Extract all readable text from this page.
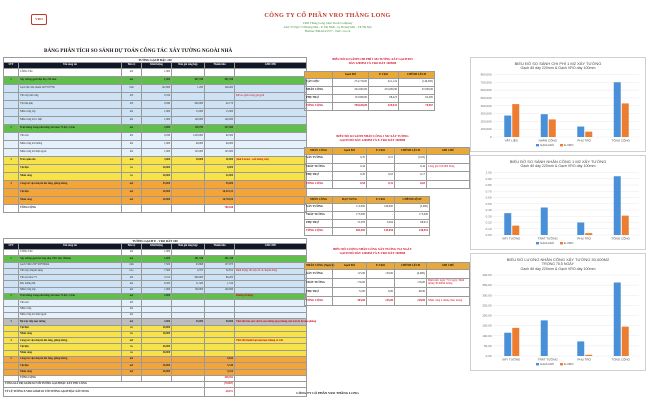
VRO	CÔNG TY CỔ PHẦN VRO THĂNG LONG
VRO Thang Long Joint Stock Company
Add: 35 Ngõ 73 Hoàng Mai - P. Thị Nhất - Q. Hoàng Mai - TP. Hà Nội
Hotline: 0964.04.5577 - Web: vro.vn
BẢNG PHÂN TÍCH SO SÁNH DỰ TOÁN CÔNG TÁC XÂY TƯỜNG NGOÀI NHÀ
TƯỜNG GẠCH ĐẶC 220						
STT	Tên công tác	Đơn vị	Khối lượng	Đơn giá tổng hợp	Thành tiền	GHI CHÚ
	CÔNG TÁC	m2	1,000			
1	Xây tường gạch đặc dày 220 mm	m2	1,000	907,358	907,358	
	Gạch đặc tiêu chuẩn 220*105*60	viên	122,000	1,200	146,400	
	Vữa xây thủ công	m3	0,310			Đã bao gồm trong giá gạch
	Vật liệu phụ	m3	0,040	900,000	42,170	
	Nhân công xây	m2	1,000	15,000	15,000	
	Nhân công trát 1 mặt	m2	1,000	140,000	140,000	
2	Trát tường trong nhà bằng vữa mác 75 dày 1,5cm	m2	2,000	118,790	237,580	
	Vữa trát	m3	0,030	1,250,000	62,500	
	Nhân công trát tường	m2	1,000	49,000	49,000	
	Nhân công trát mặt ngoài	m2	1,000	125,000	125,000	
3	Trát cạnh cửa	md	3,000	10,000	30,000	(tính 8 m/m2 - mở tường cửa)
	Vật liệu	m	20,000		8,000	
	Nhân công	m	20,000		22,000	
4	Công tác vận chuyển lên tầng, giằng tường	m3	55,000		55,000	
	Vật liệu	m3	40,000		26,525,25	
	Nhân công	m3	40,000		26,784,00	
	TỔNG CỘNG				700,638	
TƯỜNG GẠCH E - VRO DÀY 100						
STT	Tên công tác	Đơn vị	Khối lượng	Đơn giá tổng hợp	Thành tiền	GHI CHÚ
	CÔNG TÁC	m2	1,000			
1	Xây tường gạch bê tông nhẹ VRO dày 100mm	m2	1,000	301,338	301,338	
	Gạch VRO 250*100*60mm	viên	7,500	43,898	137,673	
	Vữa xây chuyên dụng	bao	7,500	4,375	32,812	Định lượng vữa xây tất cả chuyên dùng
	Vữa trát mác 75	m3	2,512	900,000	66,200	
	Bảo dưỡng hắt	m2	6,500	11,500	1,310	
	Nhân công xây	m2	1,000	130,000	140,000	
2	Trát tường trong nhà bằng vữa mác 75 dày 1,5cm	m2	2,000			Không sử dụng
	Vữa trát	m3				
	Nhân công	m2				
	Nhân công trát mặt ngoài	m2				
3	Bả trực tiếp mặt tường	m2	2,000	25,000	50,000	Thời tiết bảo sơn với bả sau tường ngay không cần trát do bề mặt phẳng
	Vật liệu	m	20,000			
	Nhân công	m	20,000			
4	Công tác vận chuyển lên tầng, giằng tường	m3				Thời tiết thành bại mặt hoặc không có trát
	Vật liệu	m	40,000			
	Nhân công	m	40,000			
5	Công tác vận chuyển lên tầng, giằng tường	m3			9,654	
	Vật liệu	m3	40,000		5,340	
	Nhân công	m3	40,000		4,314	
	TỔNG CỘNG				429,941	
TỔNG GIÁ TRỊ GIẢM SO VỚI TƯỜNG GẠCH ĐẶC XÂY THỦ CÔNG					(70,697)	
TỶ LỆ TƯỜNG E-VRO GIẢM SO VỚI TƯỜNG GẠCH ĐẶC XÂY NUNG					-10,0%	
BIỂU ĐỒ SO SÁNH CHI PHÍ 1 M2 TƯỜNG XÂY GẠCH ĐỎ
DÀY 220MM VÀ VRO DÀY 100MM
	Gạch ĐỎ	E-VRO	CHÊNH LỆCH
VẬT LIỆU	274,718,00	421,124	(146,050)
NHÂN CÔNG	292,000,00	225,000,00	67,000,00
PHỤ TRỢ	133,908,00	68,423	65,485
TỔNG CỘNG	700,638,00	429,941	70,967
BIỂU ĐỒ SO SÁNH NHÂN CÔNG 1 M2 XÂY TƯỜNG
GẠCH ĐỎ DÀY 220MM VÀ E-VRO DÀY 100MM
NHÂN CÔNG	Gạch ĐỎ	E-VRO	CHÊNH LỆCH	GHI CHÚ
XÂY TƯỜNG	0,35	0,15	(0,03)	
TRÁT TƯỜNG	0,44		0,44	Công giờ 100.000 đồng
PHỤ TRỢ	0,20	0,03	0,17	
TỔNG CỘNG	0,94	0,31	0,63	
NHÂN CÔNG	ĐẠT NUNG	E-VRO	CHÊNH LỆCH
XÂY TƯỜNG	115,000	140,000	(5,000)
TRÁT TƯỜNG	175,000	-	175,000
PHỤ TRỢ	72,583	5,094	68,951
TỔNG CỘNG	383,583	145,094	238,951
BIỂU ĐỒ LƯỢNG NHÂN CÔNG XÂY TƯỜNG 75,5 NGÀY
GẠCH ĐỎ DÀY 220MM VÀ E-VRO DÀY 100MM
NHÂN CÔNG (Ngày/1)	Gạch ĐỎ	E-VRO	CHÊNH LỆCH	GHI CHÚ
XÂY TƯỜNG	115,00	139,00	(4,000)	
TRÁT TƯỜNG	176,00		176,00	Định mức ngày 75,5 ngày; Định lượng 30.000m tường
PHỤ TRỢ	72,00	6,00	66,00	
TỔNG CỘNG	363,00	145,00	218,00	Nhân công 2 tường tháo móng
BIỂU ĐỒ SO SÁNH CHI PHÍ 1 M2 XÂY TƯỜNG
Gạch đỏ dày 220mm & Gạch VRO dày 100mm
800,000
700,000
600,000
500,000
400,000
300,000
200,000
100,000
0
VẬT LIỆU	NHÂN CÔNG	PHỤ TRỢ	TỔNG CỘNG
GẠCH ĐỎ	E-VRO
BIỂU ĐỒ SO SÁNH NHÂN CÔNG 1 M2 XÂY TƯỜNG
Gạch đỏ dày 220mm & Gạch VRO dày 100mm
1.00
0.90
0.80
0.70
0.60
0.50
0.40
0.30
0.20
0.10
0.00
XÂY TƯỜNG	TRÁT TƯỜNG	PHỤ TRỢ	TỔNG CỘNG
GẠCH ĐỎ	E-VRO
BIỂU ĐỒ LƯỢNG NHÂN CÔNG XÂY TƯỜNG 30.000M2
TRONG 75,5 NGÀY
Gạch đỏ dày 220mm & Gạch VRO dày 100mm
400,00
350,00
300,00
250,00
200,00
150,00
100,00
50,00
0,00
XÂY TƯỜNG	TRÁT TƯỜNG	PHỤ TRỢ	TỔNG CỘNG
GẠCH ĐỎ	E-VRO
CÔNG TY CỔ PHẦN VRO THĂNG LONG
